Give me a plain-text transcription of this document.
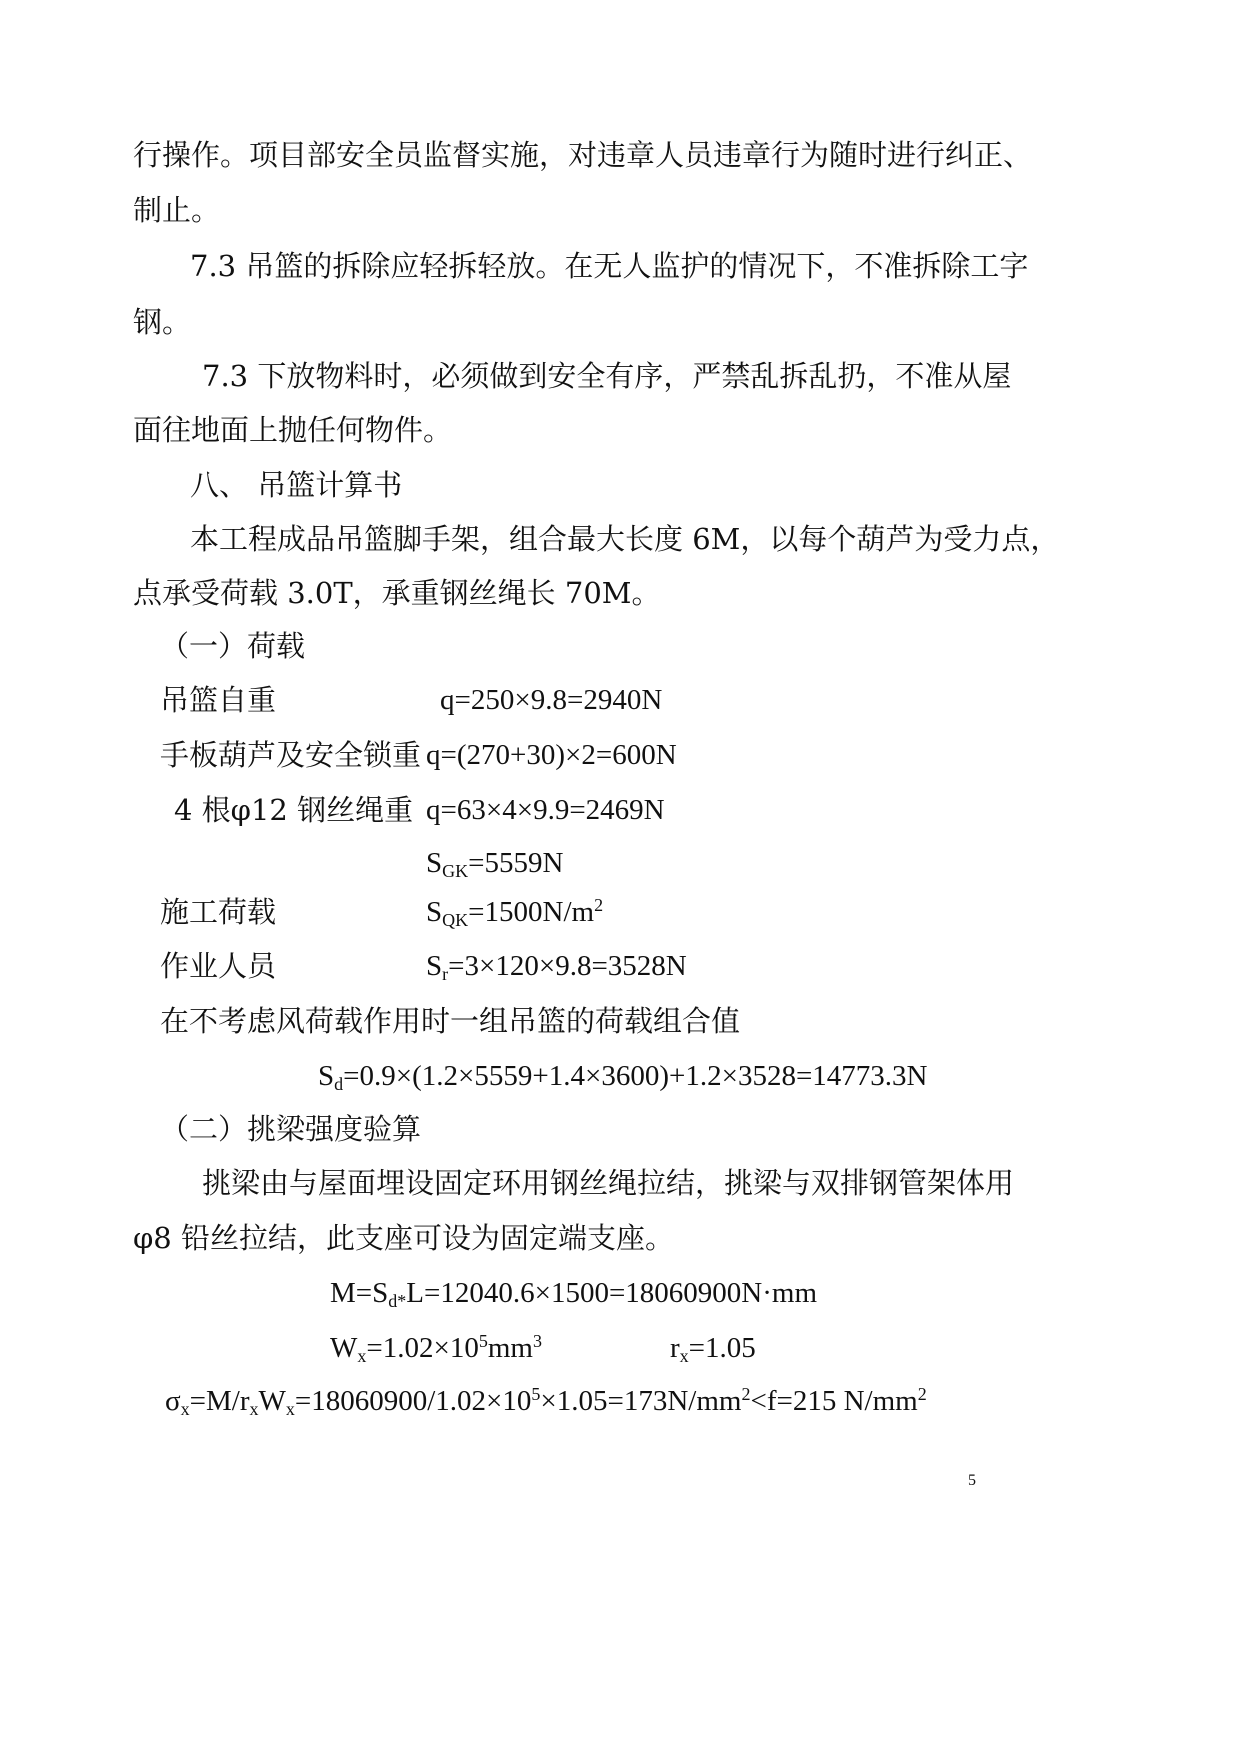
行操作。项目部安全员监督实施，对违章人员违章行为随时进行纠正、
制止。
7.3 吊篮的拆除应轻拆轻放。在无人监护的情况下，不准拆除工字
钢。
7.3 下放物料时，必须做到安全有序，严禁乱拆乱扔，不准从屋
面往地面上抛任何物件。
八、 吊篮计算书
本工程成品吊篮脚手架，组合最大长度 6M，以每个葫芦为受力点，
点承受荷载 3.0T，承重钢丝绳长 70M。
（一）荷载
吊篮自重	q=250×9.8=2940N
手板葫芦及安全锁重 q=(270+30)×2=600N
4 根φ12 钢丝绳重 q=63×4×9.9=2469N
$S_{GK}=5559N$
施工荷载	$S_{QK}=1500N/m^2$
作业人员	$S_r=3\times 120\times 9.8=3528N$
在不考虑风荷载作用时一组吊篮的荷载组合值
$S_d=0.9\times(1.2\times 5559+1.4\times 3600)+1.2\times 3528=14773.3N$
（二）挑梁强度验算
挑梁由与屋面埋设固定环用钢丝绳拉结，挑梁与双排钢管架体用
φ8 铅丝拉结，此支座可设为固定端支座。
$M=S_{d*}L=12040.6\times 1500=18060900N\cdot mm$
$W_x=1.02\times 10^5mm^3$	$r_x=1.05$
$\sigma_x=M/r_xW_x=18060900/1.02\times 10^5\times 1.05=173N/mm^2<f=215$ $N/mm^2$
5
